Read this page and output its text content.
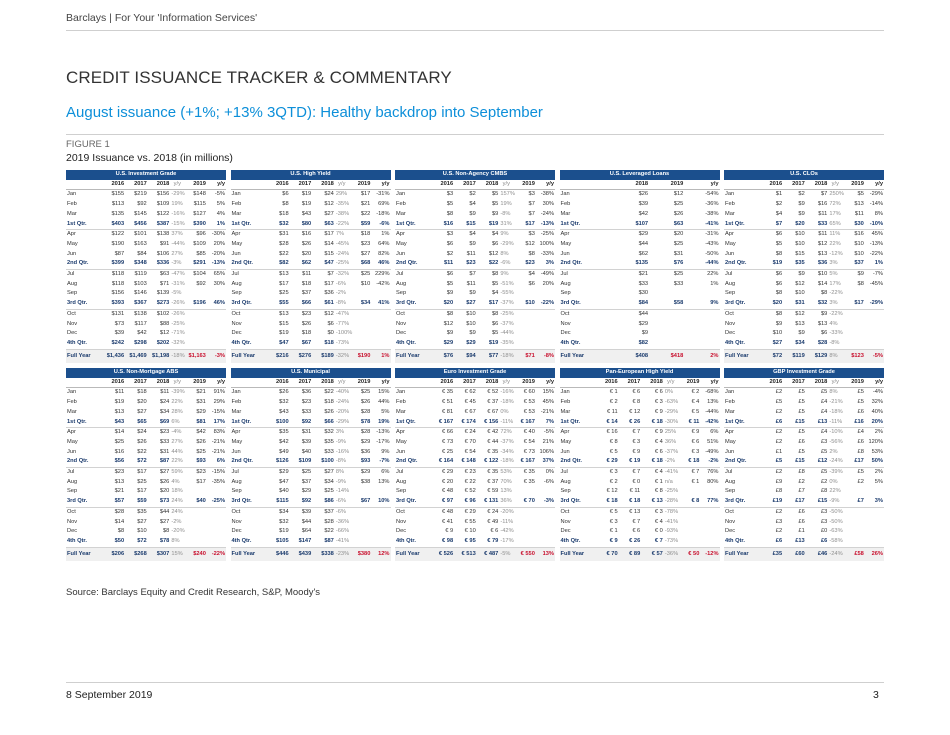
Barclays | For Your 'Information Services'
CREDIT ISSUANCE TRACKER & COMMENTARY
August issuance (+1%; +13% 3QTD): Healthy backdrop into September
FIGURE 1
2019 Issuance vs. 2018 (in millions)
U.S. Investment Grade						
	2016	2017	2018	y/y	2019	y/y
Jan	$155	$219	$156	-29%	$148	-5%
Feb	$113	$92	$109	19%	$115	5%
Mar	$135	$145	$122	-16%	$127	4%
1st Qtr.	$403	$456	$387	-15%	$390	1%
Apr	$122	$101	$138	37%	$96	-30%
May	$190	$163	$91	-44%	$109	20%
Jun	$87	$84	$106	27%	$85	-20%
2nd Qtr.	$399	$348	$336	-3%	$291	-13%
Jul	$118	$119	$63	-47%	$104	65%
Aug	$118	$103	$71	-31%	$92	30%
Sep	$156	$146	$139	-5%		
3rd Qtr.	$393	$367	$273	-26%	$196	46%
Oct	$131	$138	$102	-26%		
Nov	$73	$117	$88	-25%		
Dec	$39	$42	$12	-71%		
4th Qtr.	$242	$298	$202	-32%		
Full Year	$1,436	$1,469	$1,198	-18%	$1,163	-3%
U.S. High Yield						
	2016	2017	2018	y/y	2019	y/y
Jan	$6	$19	$24	29%	$17	-31%
Feb	$8	$19	$12	-35%	$21	69%
Mar	$18	$43	$27	-38%	$22	-18%
1st Qtr.	$32	$80	$63	-22%	$59	-6%
Apr	$31	$16	$17	7%	$18	1%
May	$28	$26	$14	-45%	$23	64%
Jun	$22	$20	$15	-24%	$27	82%
2nd Qtr.	$82	$62	$47	-25%	$68	46%
Jul	$13	$11	$7	-32%	$25	229%
Aug	$17	$18	$17	-6%	$10	-42%
Sep	$25	$37	$36	-2%		
3rd Qtr.	$55	$66	$61	-8%	$34	41%
Oct	$13	$23	$12	-47%		
Nov	$15	$26	$6	-77%		
Dec	$19	$18	$0	-100%		
4th Qtr.	$47	$67	$18	-73%		
Full Year	$216	$276	$189	-32%	$190	1%
U.S. Non-Agency CMBS						
	2016	2017	2018	y/y	2019	y/y
Jan	$3	$2	$5	157%	$3	-38%
Feb	$5	$4	$5	19%	$7	30%
Mar	$8	$9	$9	-8%	$7	-24%
1st Qtr.	$16	$15	$19	31%	$17	-13%
Apr	$3	$4	$4	9%	$3	-25%
May	$6	$9	$6	-29%	$12	100%
Jun	$2	$11	$12	8%	$8	-33%
2nd Qtr.	$11	$23	$22	-6%	$23	3%
Jul	$6	$7	$8	9%	$4	-49%
Aug	$5	$11	$5	-51%	$6	20%
Sep	$9	$9	$4	-55%		
3rd Qtr.	$20	$27	$17	-37%	$10	-22%
Oct	$8	$10	$8	-25%		
Nov	$12	$10	$6	-37%		
Dec	$9	$9	$5	-44%		
4th Qtr.	$29	$29	$19	-35%		
Full Year	$76	$94	$77	-18%	$71	-8%
U.S. Leveraged Loans			
	2018	2019	y/y
Jan	$26	$12	-54%
Feb	$39	$25	-36%
Mar	$42	$26	-38%
1st Qtr.	$107	$63	-41%
Apr	$29	$20	-31%
May	$44	$25	-43%
Jun	$62	$31	-50%
2nd Qtr.	$135	$76	-44%
Jul	$21	$25	22%
Aug	$33	$33	1%
Sep	$30		
3rd Qtr.	$84	$58	9%
Oct	$44		
Nov	$29		
Dec	$9		
4th Qtr.	$82		
Full Year	$408	$418	2%
U.S. CLOs						
	2016	2017	2018	y/y	2019	y/y
Jan	$1	$2	$7	250%	$5	-29%
Feb	$2	$9	$16	72%	$13	-14%
Mar	$4	$9	$11	17%	$11	8%
1st Qtr.	$7	$20	$33	65%	$30	-10%
Apr	$6	$10	$11	11%	$16	45%
May	$5	$10	$12	22%	$10	-13%
Jun	$8	$15	$13	-12%	$10	-22%
2nd Qtr.	$19	$35	$36	3%	$37	1%
Jul	$6	$9	$10	5%	$9	-7%
Aug	$6	$12	$14	17%	$8	-45%
Sep	$8	$10	$8	-22%		
3rd Qtr.	$20	$31	$32	3%	$17	-29%
Oct	$8	$12	$9	-22%		
Nov	$9	$13	$13	4%		
Dec	$10	$9	$6	-33%		
4th Qtr.	$27	$34	$28	-8%		
Full Year	$72	$119	$129	8%	$123	-5%
U.S. Non-Mortgage ABS						
	2016	2017	2018	y/y	2019	y/y
Jan	$11	$18	$11	-39%	$21	91%
Feb	$19	$20	$24	22%	$31	29%
Mar	$13	$27	$34	28%	$29	-15%
1st Qtr.	$43	$65	$69	6%	$81	17%
Apr	$14	$24	$23	-4%	$42	83%
May	$25	$26	$33	27%	$26	-21%
Jun	$16	$22	$31	44%	$25	-21%
2nd Qtr.	$56	$72	$87	22%	$93	6%
Jul	$23	$17	$27	59%	$23	-15%
Aug	$13	$25	$26	4%	$17	-35%
Sep	$21	$17	$20	18%		
3rd Qtr.	$57	$59	$73	24%	$40	-25%
Oct	$28	$35	$44	24%		
Nov	$14	$27	$27	-2%		
Dec	$8	$10	$8	-20%		
4th Qtr.	$50	$72	$78	8%		
Full Year	$206	$268	$307	15%	$240	-22%
U.S. Municipal						
	2016	2017	2018	y/y	2019	y/y
Jan	$26	$36	$22	-40%	$25	15%
Feb	$32	$23	$18	-24%	$26	44%
Mar	$43	$33	$26	-20%	$28	5%
1st Qtr.	$100	$92	$66	-29%	$78	19%
Apr	$35	$31	$32	3%	$28	-13%
May	$42	$39	$35	-9%	$29	-17%
Jun	$49	$40	$33	-16%	$36	9%
2nd Qtr.	$126	$109	$100	-8%	$93	-7%
Jul	$29	$25	$27	8%	$29	6%
Aug	$47	$37	$34	-9%	$38	13%
Sep	$40	$29	$25	-14%		
3rd Qtr.	$115	$92	$86	-6%	$67	10%
Oct	$34	$39	$37	-6%		
Nov	$32	$44	$28	-36%		
Dec	$19	$64	$22	-66%		
4th Qtr.	$105	$147	$87	-41%		
Full Year	$446	$439	$338	-23%	$380	12%
Euro Investment Grade						
	2016	2017	2018	y/y	2019	y/y
Jan	€ 35	€ 62	€ 52	-16%	€ 60	15%
Feb	€ 51	€ 45	€ 37	-18%	€ 53	45%
Mar	€ 81	€ 67	€ 67	0%	€ 53	-21%
1st Qtr.	€ 167	€ 174	€ 156	-11%	€ 167	7%
Apr	€ 66	€ 24	€ 42	72%	€ 40	-5%
May	€ 73	€ 70	€ 44	-37%	€ 54	21%
Jun	€ 25	€ 54	€ 35	-34%	€ 73	106%
2nd Qtr.	€ 164	€ 148	€ 122	-18%	€ 167	37%
Jul	€ 29	€ 23	€ 35	53%	€ 35	0%
Aug	€ 20	€ 22	€ 37	70%	€ 35	-6%
Sep	€ 48	€ 52	€ 59	13%		
3rd Qtr.	€ 97	€ 96	€ 131	36%	€ 70	-3%
Oct	€ 48	€ 29	€ 24	-20%		
Nov	€ 41	€ 55	€ 49	-11%		
Dec	€ 9	€ 10	€ 6	-42%		
4th Qtr.	€ 98	€ 95	€ 79	-17%		
Full Year	€ 526	€ 513	€ 487	-5%	€ 550	13%
Pan-European High Yield						
	2016	2017	2018	y/y	2019	y/y
Jan	€ 1	€ 6	€ 6	0%	€ 2	-68%
Feb	€ 2	€ 8	€ 3	-63%	€ 4	13%
Mar	€ 11	€ 12	€ 9	-29%	€ 5	-44%
1st Qtr.	€ 14	€ 26	€ 18	-30%	€ 11	-42%
Apr	€ 16	€ 7	€ 9	25%	€ 9	6%
May	€ 8	€ 3	€ 4	36%	€ 6	51%
Jun	€ 5	€ 9	€ 6	-37%	€ 3	-49%
2nd Qtr.	€ 29	€ 19	€ 18	-2%	€ 18	-2%
Jul	€ 3	€ 7	€ 4	-41%	€ 7	76%
Aug	€ 2	€ 0	€ 1	n/a	€ 1	80%
Sep	€ 12	€ 11	€ 8	-25%		
3rd Qtr.	€ 18	€ 18	€ 13	-28%	€ 8	77%
Oct	€ 5	€ 13	€ 3	-78%		
Nov	€ 3	€ 7	€ 4	-41%		
Dec	€ 1	€ 6	€ 0	-93%		
4th Qtr.	€ 9	€ 26	€ 7	-73%		
Full Year	€ 70	€ 89	€ 57	-36%	€ 50	-12%
GBP Investment Grade						
	2016	2017	2018	y/y	2019	y/y
Jan	£2	£5	£5	8%	£5	-4%
Feb	£5	£5	£4	-21%	£5	32%
Mar	£2	£5	£4	-18%	£6	40%
1st Qtr.	£6	£15	£13	-11%	£16	20%
Apr	£2	£5	£4	-10%	£4	2%
May	£2	£6	£3	-56%	£6	120%
Jun	£1	£5	£5	2%	£8	53%
2nd Qtr.	£5	£15	£12	-24%	£17	50%
Jul	£2	£8	£5	-39%	£5	2%
Aug	£9	£2	£2	0%	£2	5%
Sep	£8	£7	£8	22%		
3rd Qtr.	£19	£17	£15	-9%	£7	3%
Oct	£2	£6	£3	-50%		
Nov	£3	£6	£3	-50%		
Dec	£2	£1	£0	-63%		
4th Qtr.	£6	£13	£6	-58%		
Full Year	£35	£60	£46	-24%	£58	26%
Source: Barclays Equity and Credit Research, S&P, Moody's
8 September 2019	3
